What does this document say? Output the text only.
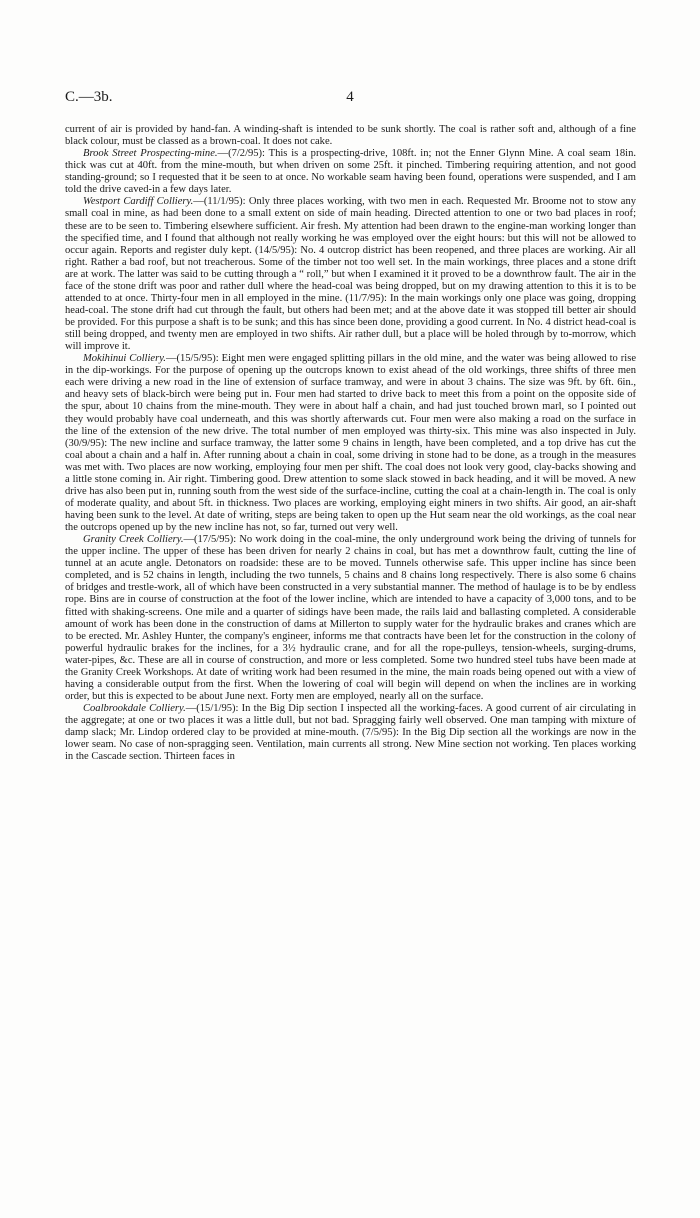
C.—3b.	4

current of air is provided by hand-fan. A winding-shaft is intended to be sunk shortly. The coal is rather soft and, although of a fine black colour, must be classed as a brown-coal. It does not cake.

Brook Street Prospecting-mine.—(7/2/95): This is a prospecting-drive, 108ft. in; not the Enner Glynn Mine. A coal seam 18in. thick was cut at 40ft. from the mine-mouth, but when driven on some 25ft. it pinched. Timbering requiring attention, and not good standing-ground; so I requested that it be seen to at once. No workable seam having been found, operations were suspended, and I am told the drive caved-in a few days later.

Westport Cardiff Colliery.—(11/1/95): Only three places working, with two men in each. Requested Mr. Broome not to stow any small coal in mine, as had been done to a small extent on side of main heading. Directed attention to one or two bad places in roof; these are to be seen to. Timbering elsewhere sufficient. Air fresh. My attention had been drawn to the engine-man working longer than the specified time, and I found that although not really working he was employed over the eight hours: but this will not be allowed to occur again. Reports and register duly kept. (14/5/95): No. 4 outcrop district has been reopened, and three places are working. Air all right. Rather a bad roof, but not treacherous. Some of the timber not too well set. In the main workings, three places and a stone drift are at work. The latter was said to be cutting through a “ roll,” but when I examined it it proved to be a downthrow fault. The air in the face of the stone drift was poor and rather dull where the head-coal was being dropped, but on my drawing attention to this it is to be attended to at once. Thirty-four men in all employed in the mine. (11/7/95): In the main workings only one place was going, dropping head-coal. The stone drift had cut through the fault, but others had been met; and at the above date it was stopped till better air should be provided. For this purpose a shaft is to be sunk; and this has since been done, providing a good current. In No. 4 district head-coal is still being dropped, and twenty men are employed in two shifts. Air rather dull, but a place will be holed through by to-morrow, which will improve it.

Mokihinui Colliery.—(15/5/95): Eight men were engaged splitting pillars in the old mine, and the water was being allowed to rise in the dip-workings. For the purpose of opening up the outcrops known to exist ahead of the old workings, three shifts of three men each were driving a new road in the line of extension of surface tramway, and were in about 3 chains. The size was 9ft. by 6ft. 6in., and heavy sets of black-birch were being put in. Four men had started to drive back to meet this from a point on the opposite side of the spur, about 10 chains from the mine-mouth. They were in about half a chain, and had just touched brown marl, so I pointed out they would probably have coal underneath, and this was shortly afterwards cut. Four men were also making a road on the surface in the line of the extension of the new drive. The total number of men employed was thirty-six. This mine was also inspected in July. (30/9/95): The new incline and surface tramway, the latter some 9 chains in length, have been completed, and a top drive has cut the coal about a chain and a half in. After running about a chain in coal, some driving in stone had to be done, as a trough in the measures was met with. Two places are now working, employing four men per shift. The coal does not look very good, clay-backs showing and a little stone coming in. Air right. Timbering good. Drew attention to some slack stowed in back heading, and it will be moved. A new drive has also been put in, running south from the west side of the surface-incline, cutting the coal at a chain-length in. The coal is only of moderate quality, and about 5ft. in thickness. Two places are working, employing eight miners in two shifts. Air good, an air-shaft having been sunk to the level. At date of writing, steps are being taken to open up the Hut seam near the old workings, as the coal near the outcrops opened up by the new incline has not, so far, turned out very well.

Granity Creek Colliery.—(17/5/95): No work doing in the coal-mine, the only underground work being the driving of tunnels for the upper incline. The upper of these has been driven for nearly 2 chains in coal, but has met a downthrow fault, cutting the line of tunnel at an acute angle. Detonators on roadside: these are to be moved. Tunnels otherwise safe. This upper incline has since been completed, and is 52 chains in length, including the two tunnels, 5 chains and 8 chains long respectively. There is also some 6 chains of bridges and trestle-work, all of which have been constructed in a very substantial manner. The method of haulage is to be by endless rope. Bins are in course of construction at the foot of the lower incline, which are intended to have a capacity of 3,000 tons, and to be fitted with shaking-screens. One mile and a quarter of sidings have been made, the rails laid and ballasting completed. A considerable amount of work has been done in the construction of dams at Millerton to supply water for the hydraulic brakes and cranes which are to be erected. Mr. Ashley Hunter, the company's engineer, informs me that contracts have been let for the construction in the colony of powerful hydraulic brakes for the inclines, for a 3½ hydraulic crane, and for all the rope-pulleys, tension-wheels, surging-drums, water-pipes, &c. These are all in course of construction, and more or less completed. Some two hundred steel tubs have been made at the Granity Creek Workshops. At date of writing work had been resumed in the mine, the main roads being opened out with a view of having a considerable output from the first. When the lowering of coal will begin will depend on when the inclines are in working order, but this is expected to be about June next. Forty men are employed, nearly all on the surface.

Coalbrookdale Colliery.—(15/1/95): In the Big Dip section I inspected all the working-faces. A good current of air circulating in the aggregate; at one or two places it was a little dull, but not bad. Spragging fairly well observed. One man tamping with mixture of damp slack; Mr. Lindop ordered clay to be provided at mine-mouth. (7/5/95): In the Big Dip section all the workings are now in the lower seam. No case of non-spragging seen. Ventilation, main currents all strong. New Mine section not working. Ten places working in the Cascade section. Thirteen faces in
